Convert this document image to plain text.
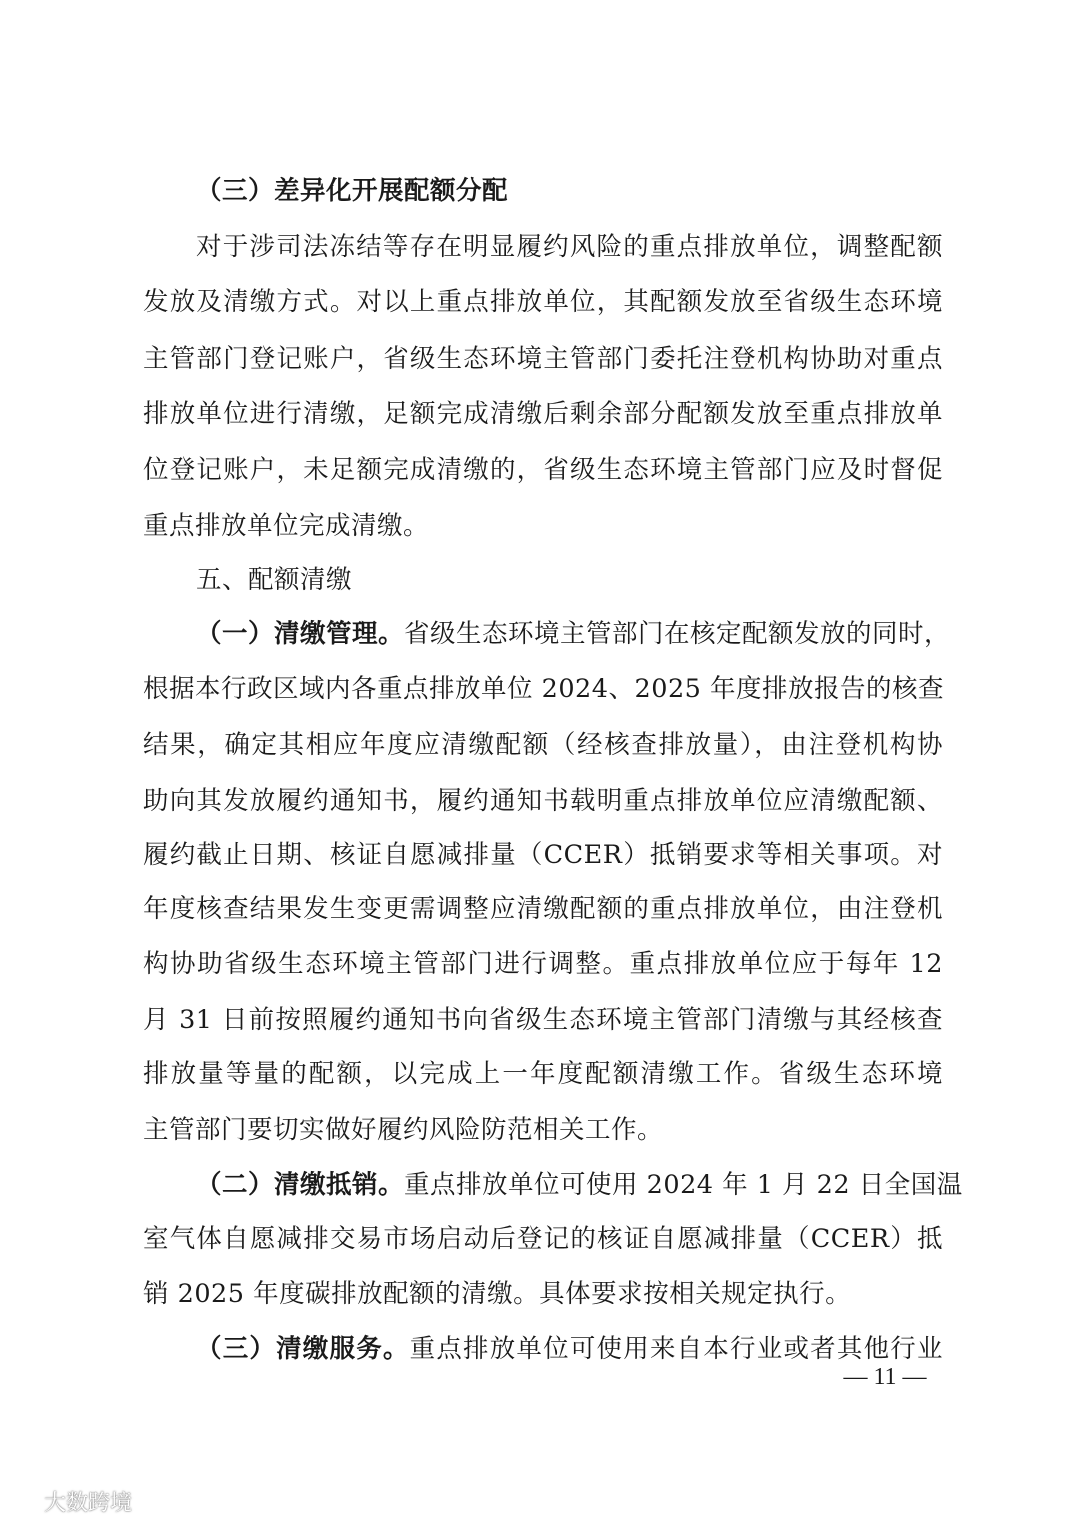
（三）差异化开展配额分配
对于涉司法冻结等存在明显履约风险的重点排放单位，调整配额
发放及清缴方式。对以上重点排放单位，其配额发放至省级生态环境
主管部门登记账户，省级生态环境主管部门委托注登机构协助对重点
排放单位进行清缴，足额完成清缴后剩余部分配额发放至重点排放单
位登记账户，未足额完成清缴的，省级生态环境主管部门应及时督促
重点排放单位完成清缴。
五、配额清缴
（一）清缴管理。省级生态环境主管部门在核定配额发放的同时，
根据本行政区域内各重点排放单位 2024、2025 年度排放报告的核查
结果，确定其相应年度应清缴配额（经核查排放量），由注登机构协
助向其发放履约通知书，履约通知书载明重点排放单位应清缴配额、
履约截止日期、核证自愿减排量（CCER）抵销要求等相关事项。对
年度核查结果发生变更需调整应清缴配额的重点排放单位，由注登机
构协助省级生态环境主管部门进行调整。重点排放单位应于每年 12
月 31 日前按照履约通知书向省级生态环境主管部门清缴与其经核查
排放量等量的配额，以完成上一年度配额清缴工作。省级生态环境
主管部门要切实做好履约风险防范相关工作。
（二）清缴抵销。重点排放单位可使用 2024 年 1 月 22 日全国温
室气体自愿减排交易市场启动后登记的核证自愿减排量（CCER）抵
销 2025 年度碳排放配额的清缴。具体要求按相关规定执行。
（三）清缴服务。重点排放单位可使用来自本行业或者其他行业
— 11 —
大数跨境
